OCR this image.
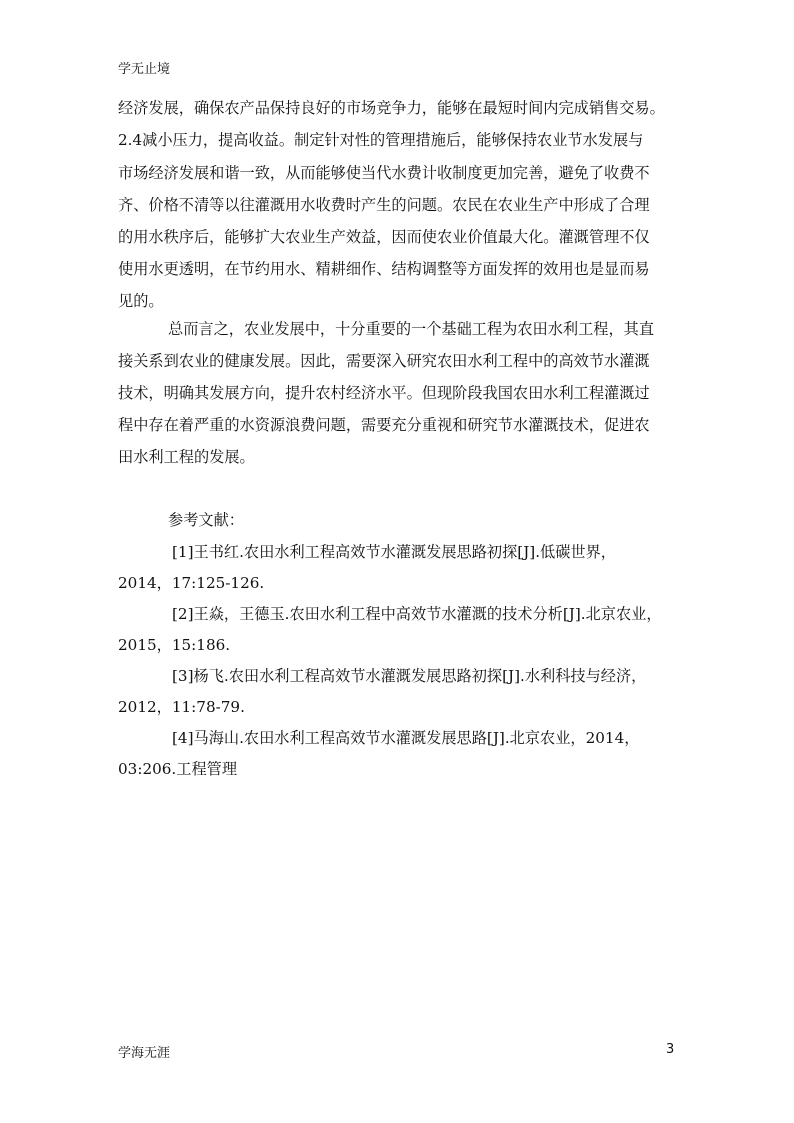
学无止境
经济发展，确保农产品保持良好的市场竞争力，能够在最短时间内完成销售交易。
2.4减小压力，提高收益。制定针对性的管理措施后，能够保持农业节水发展与
市场经济发展和谐一致，从而能够使当代水费计收制度更加完善，避免了收费不
齐、价格不清等以往灌溉用水收费时产生的问题。农民在农业生产中形成了合理
的用水秩序后，能够扩大农业生产效益，因而使农业价值最大化。灌溉管理不仅
使用水更透明，在节约用水、精耕细作、结构调整等方面发挥的效用也是显而易
见的。
总而言之，农业发展中，十分重要的一个基础工程为农田水利工程，其直
接关系到农业的健康发展。因此，需要深入研究农田水利工程中的高效节水灌溉
技术，明确其发展方向，提升农村经济水平。但现阶段我国农田水利工程灌溉过
程中存在着严重的水资源浪费问题，需要充分重视和研究节水灌溉技术，促进农
田水利工程的发展。
参考文献：
[1]王书红.农田水利工程高效节水灌溉发展思路初探[J].低碳世界，
2014，17:125-126.
[2]王焱，王德玉.农田水利工程中高效节水灌溉的技术分析[J].北京农业，
2015，15:186.
[3]杨飞.农田水利工程高效节水灌溉发展思路初探[J].水利科技与经济，
2012，11:78-79.
[4]马海山.农田水利工程高效节水灌溉发展思路[J].北京农业，2014，
03:206.工程管理
学海无涯	3
